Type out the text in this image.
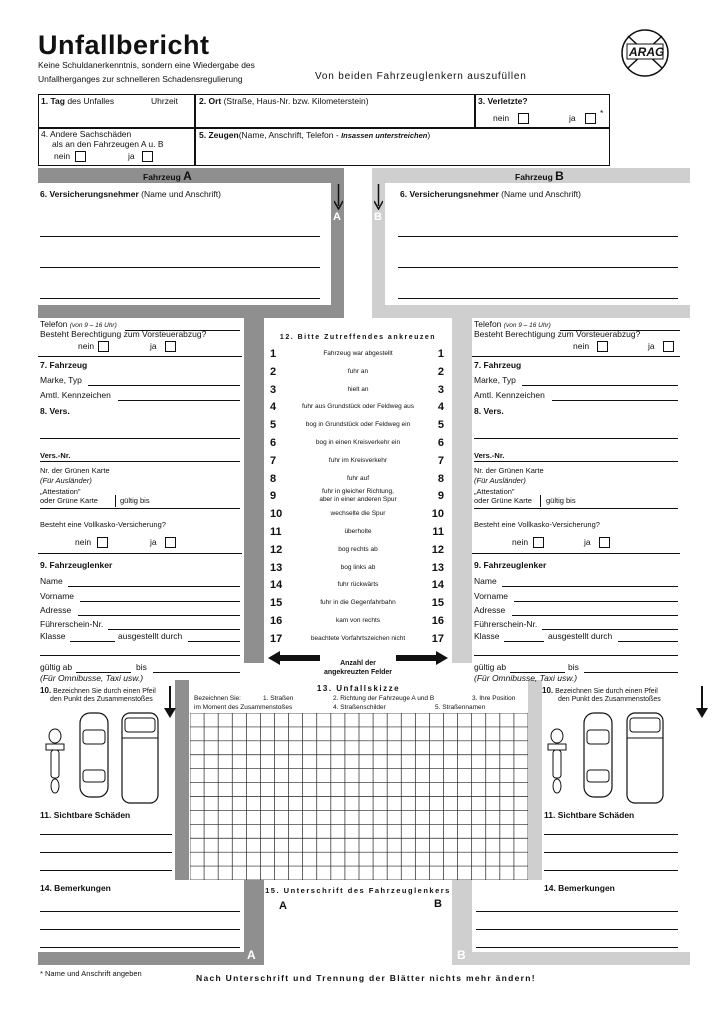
Unfallbericht
Keine Schuldanerkenntnis, sondern eine Wiedergabe des
Unfallherganges zur schnelleren Schadensregulierung	Von beiden Fahrzeuglenkern auszufüllen
ARAG
1. Tag des Unfalles	Uhrzeit 2. Ort (Straße, Haus-Nr. bzw. Kilometerstein)	3. Verletzte?
nein	ja	*
4. Andere Sachschäden
als an den Fahrzeugen A u. B
nein	ja
5. Zeugen(Name, Anschrift, Telefon - Insassen unterstreichen)
Fahrzeug A	Fahrzeug B
A	B
6. Versicherungsnehmer (Name und Anschrift)	6. Versicherungsnehmer (Name und Anschrift)
Telefon (von 9 – 16 Uhr)
Besteht Berechtigung zum Vorsteuerabzug?
nein	ja
7. Fahrzeug
Marke, Typ
Amtl. Kennzeichen
8. Vers.
Vers.-Nr.
Nr. der Grünen Karte
(Für Ausländer)
„Attestation"
oder Grüne Karte	gültig bis
Besteht eine Vollkasko-Versicherung?
nein	ja
9. Fahrzeuglenker
Name
Vorname
Adresse
Führerschein-Nr.
Klasse	ausgestellt durch
gültig ab	bis
(Für Omnibusse, Taxi usw.)
Telefon (von 9 – 16 Uhr)
Besteht Berechtigung zum Vorsteuerabzug?
nein	ja
7. Fahrzeug
Marke, Typ
Amtl. Kennzeichen
8. Vers.
Vers.-Nr.
Nr. der Grünen Karte
(Für Ausländer)
„Attestation"
oder Grüne Karte gültig bis
Besteht eine Vollkasko-Versicherung?
nein	ja
9. Fahrzeuglenker
Name
Vorname
Adresse
Führerschein-Nr.
Klasse	ausgestellt durch
gültig ab	bis
(Für Omnibusse, Taxi usw.)
12. Bitte Zutreffendes ankreuzen
1	Fahrzeug war abgestellt	1
2	fuhr an	2
3	hielt an	3
4	fuhr aus Grundstück oder Feldweg aus	4
5	bog in Grundstück oder Feldweg ein	5
6	bog in einen Kreisverkehr ein	6
7	fuhr im Kreisverkehr	7
8	fuhr auf	8
9	fuhr in gleicher Richtung,
aber in einer anderen Spur	9
10	wechselte die Spur	10
11	überholte	11
12	bog rechts ab	12
13	bog links ab	13
14	fuhr rückwärts	14
15	fuhr in die Gegenfahrbahn	15
16	kam von rechts	16
17	beachtete Vorfahrtszeichen nicht	17
Anzahl der
angekreuzten Felder
10. Bezeichnen Sie durch einen Pfeil
den Punkt des Zusammenstoßes
10. Bezeichnen Sie durch einen Pfeil
den Punkt des Zusammenstoßes
13. Unfallskizze
Bezeichnen Sie:
im Moment des Zusammenstoßes
1. Straßen	2. Richtung der Fahrzeuge A und B	3. Ihre Position
4. Straßenschilder	5. Straßennamen
11. Sichtbare Schäden	11. Sichtbare Schäden
14. Bemerkungen	14. Bemerkungen
15. Unterschrift des Fahrzeuglenkers
A	B
A	B
* Name und Anschrift angeben	Nach Unterschrift und Trennung der Blätter nichts mehr ändern!
